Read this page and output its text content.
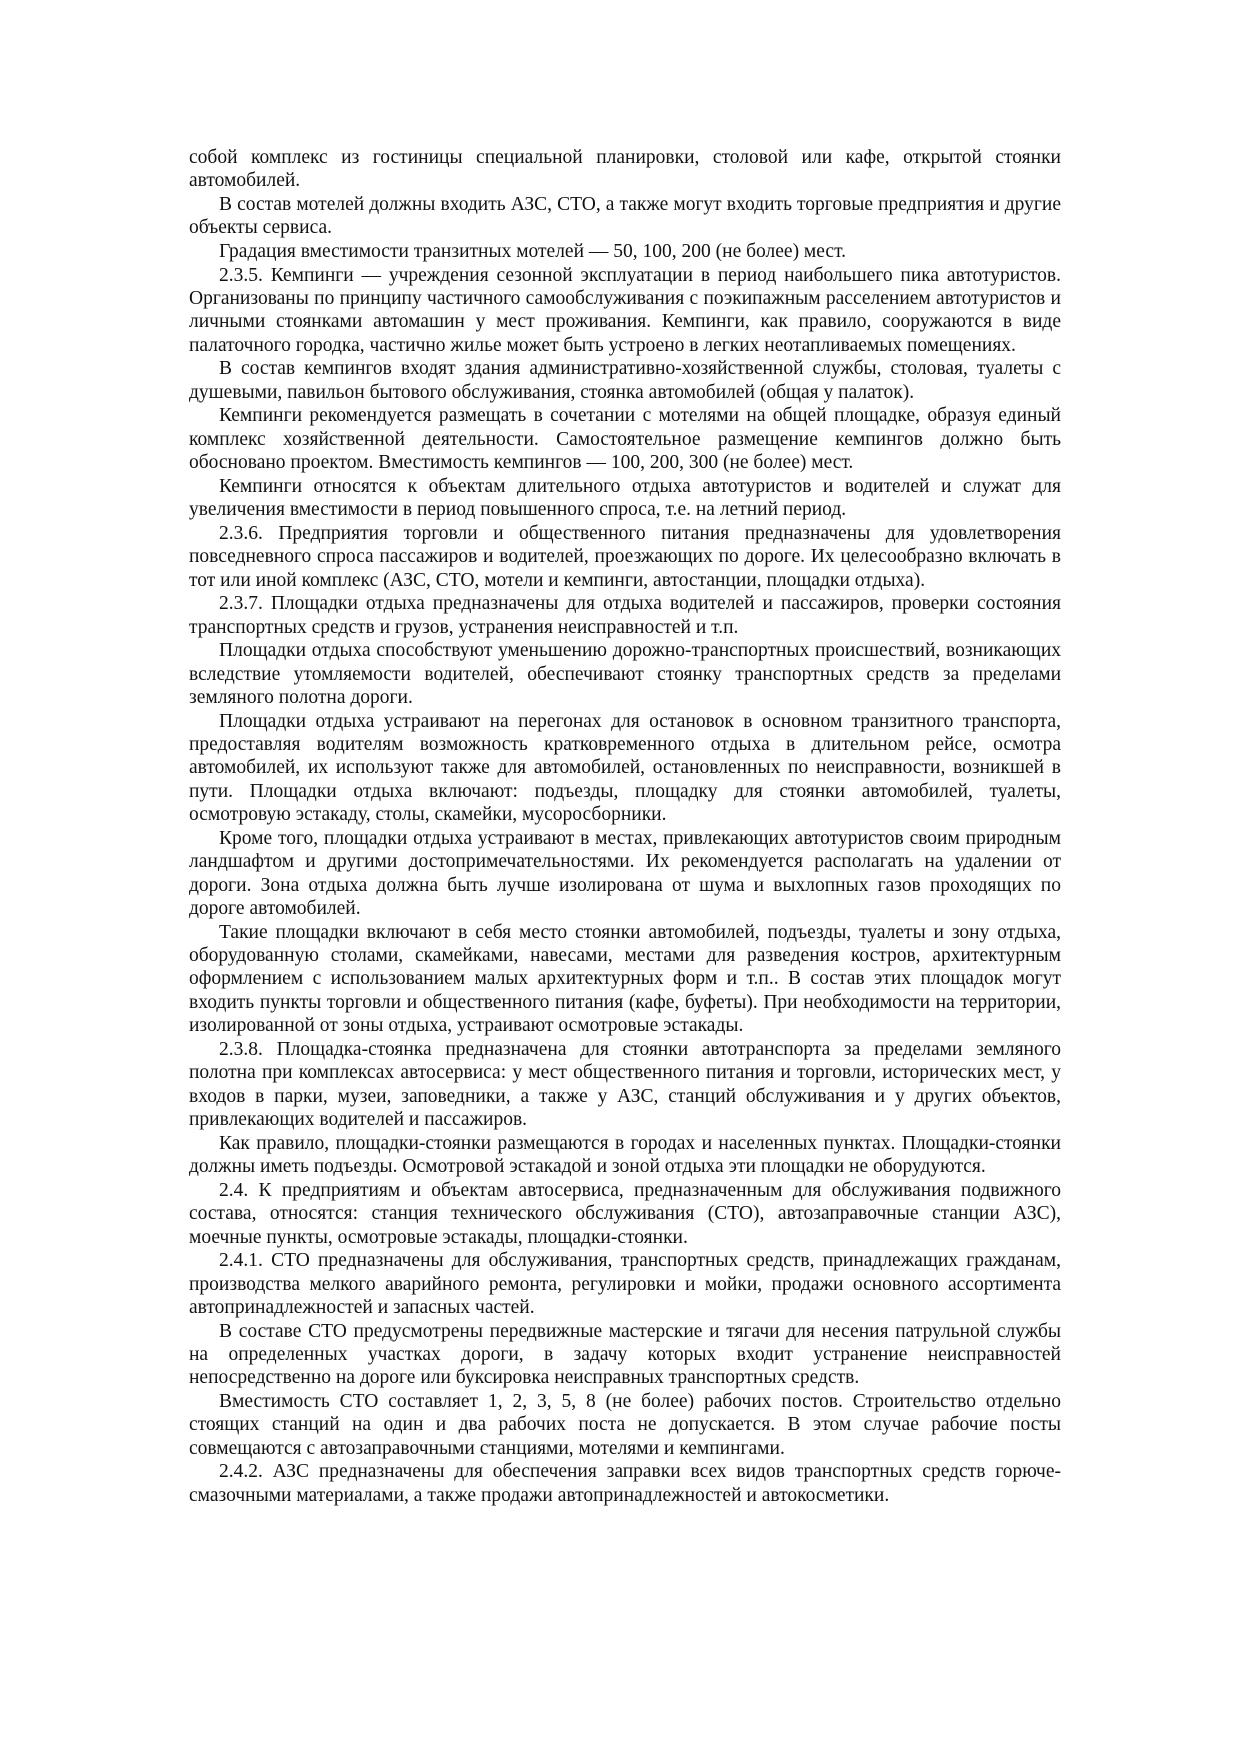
собой комплекс из гостиницы специальной планировки, столовой или кафе, открытой стоянки автомобилей.

В состав мотелей должны входить АЗС, СТО, а также могут входить торговые предприятия и другие объекты сервиса.

Градация вместимости транзитных мотелей — 50, 100, 200 (не более) мест.

2.3.5. Кемпинги — учреждения сезонной эксплуатации в период наибольшего пика автотуристов. Организованы по принципу частичного самообслуживания с поэкипажным расселением автотуристов и личными стоянками автомашин у мест проживания. Кемпинги, как правило, сооружаются в виде палаточного городка, частично жилье может быть устроено в легких неотапливаемых помещениях.

В состав кемпингов входят здания административно-хозяйственной службы, столовая, туалеты с душевыми, павильон бытового обслуживания, стоянка автомобилей (общая у палаток).

Кемпинги рекомендуется размещать в сочетании с мотелями на общей площадке, образуя единый комплекс хозяйственной деятельности. Самостоятельное размещение кемпингов должно быть обосновано проектом. Вместимость кемпингов — 100, 200, 300 (не более) мест.

Кемпинги относятся к объектам длительного отдыха автотуристов и водителей и служат для увеличения вместимости в период повышенного спроса, т.е. на летний период.

2.3.6. Предприятия торговли и общественного питания предназначены для удовлетворения повседневного спроса пассажиров и водителей, проезжающих по дороге. Их целесообразно включать в тот или иной комплекс (АЗС, СТО, мотели и кемпинги, автостанции, площадки отдыха).

2.3.7. Площадки отдыха предназначены для отдыха водителей и пассажиров, проверки состояния транспортных средств и грузов, устранения неисправностей и т.п.

Площадки отдыха способствуют уменьшению дорожно-транспортных происшествий, возникающих вследствие утомляемости водителей, обеспечивают стоянку транспортных средств за пределами земляного полотна дороги.

Площадки отдыха устраивают на перегонах для остановок в основном транзитного транспорта, предоставляя водителям возможность кратковременного отдыха в длительном рейсе, осмотра автомобилей, их используют также для автомобилей, остановленных по неисправности, возникшей в пути. Площадки отдыха включают: подъезды, площадку для стоянки автомобилей, туалеты, осмотровую эстакаду, столы, скамейки, мусоросборники.

Кроме того, площадки отдыха устраивают в местах, привлекающих автотуристов своим природным ландшафтом и другими достопримечательностями. Их рекомендуется располагать на удалении от дороги. Зона отдыха должна быть лучше изолирована от шума и выхлопных газов проходящих по дороге автомобилей.

Такие площадки включают в себя место стоянки автомобилей, подъезды, туалеты и зону отдыха, оборудованную столами, скамейками, навесами, местами для разведения костров, архитектурным оформлением с использованием малых архитектурных форм и т.п.. В состав этих площадок могут входить пункты торговли и общественного питания (кафе, буфеты). При необходимости на территории, изолированной от зоны отдыха, устраивают осмотровые эстакады.

2.3.8. Площадка-стоянка предназначена для стоянки автотранспорта за пределами земляного полотна при комплексах автосервиса: у мест общественного питания и торговли, исторических мест, у входов в парки, музеи, заповедники, а также у АЗС, станций обслуживания и у других объектов, привлекающих водителей и пассажиров.

Как правило, площадки-стоянки размещаются в городах и населенных пунктах. Площадки-стоянки должны иметь подъезды. Осмотровой эстакадой и зоной отдыха эти площадки не оборудуются.

2.4. К предприятиям и объектам автосервиса, предназначенным для обслуживания подвижного состава, относятся: станция технического обслуживания (СТО), автозаправочные станции АЗС), моечные пункты, осмотровые эстакады, площадки-стоянки.

2.4.1. СТО предназначены для обслуживания, транспортных средств, принадлежащих гражданам, производства мелкого аварийного ремонта, регулировки и мойки, продажи основного ассортимента автопринадлежностей и запасных частей.

В составе СТО предусмотрены передвижные мастерские и тягачи для несения патрульной службы на определенных участках дороги, в задачу которых входит устранение неисправностей непосредственно на дороге или буксировка неисправных транспортных средств.

Вместимость СТО составляет 1, 2, 3, 5, 8 (не более) рабочих постов. Строительство отдельно стоящих станций на один и два рабочих поста не допускается. В этом случае рабочие посты совмещаются с автозаправочными станциями, мотелями и кемпингами.

2.4.2. АЗС предназначены для обеспечения заправки всех видов транспортных средств горюче-смазочными материалами, а также продажи автопринадлежностей и автокосметики.
